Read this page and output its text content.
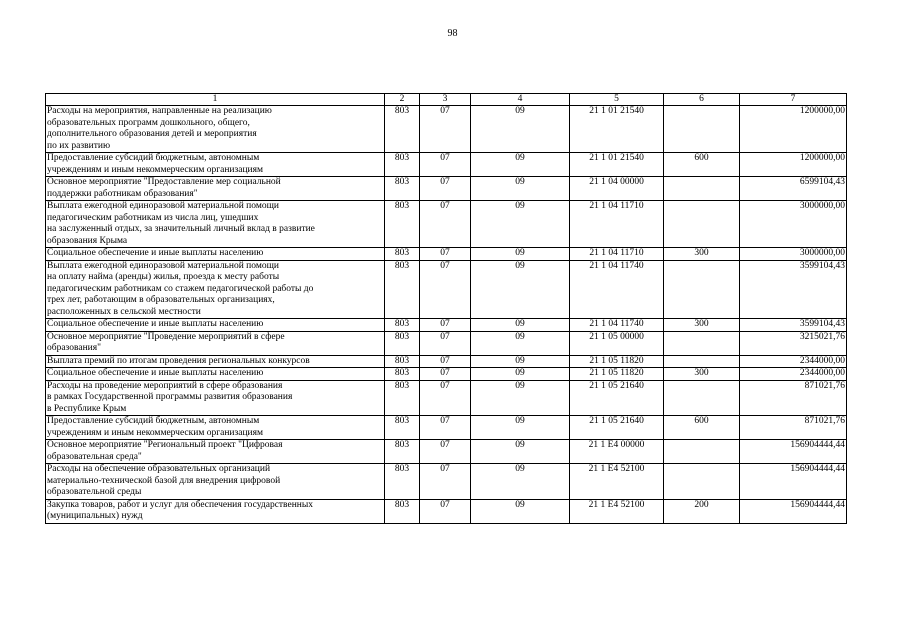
98
1	2	3	4	5	6	7
Расходы на мероприятия, направленные на реализацию
образовательных программ дошкольного, общего,
дополнительного образования детей и мероприятия
по их развитию	803	07	09	21 1 01 21540		1200000,00
Предоставление субсидий бюджетным, автономным
учреждениям и иным некоммерческим организациям	803	07	09	21 1 01 21540	600	1200000,00
Основное мероприятие "Предоставление мер социальной
поддержки работникам образования"	803	07	09	21 1 04 00000		6599104,43
Выплата ежегодной единоразовой материальной помощи
педагогическим работникам из числа лиц, ушедших
на заслуженный отдых, за значительный личный вклад в развитие
образования Крыма	803	07	09	21 1 04 11710		3000000,00
Социальное обеспечение и иные выплаты населению	803	07	09	21 1 04 11710	300	3000000,00
Выплата ежегодной единоразовой материальной помощи
на оплату найма (аренды) жилья, проезда к месту работы
педагогическим работникам со стажем педагогической работы до
трех лет, работающим в образовательных организациях,
расположенных в сельской местности	803	07	09	21 1 04 11740		3599104,43
Социальное обеспечение и иные выплаты населению	803	07	09	21 1 04 11740	300	3599104,43
Основное мероприятие "Проведение мероприятий в сфере
образования"	803	07	09	21 1 05 00000		3215021,76
Выплата премий по итогам проведения региональных конкурсов	803	07	09	21 1 05 11820		2344000,00
Социальное обеспечение и иные выплаты населению	803	07	09	21 1 05 11820	300	2344000,00
Расходы на проведение мероприятий в сфере образования
в рамках Государственной программы развития образования
в Республике Крым	803	07	09	21 1 05 21640		871021,76
Предоставление субсидий бюджетным, автономным
учреждениям и иным некоммерческим организациям	803	07	09	21 1 05 21640	600	871021,76
Основное мероприятие "Региональный проект "Цифровая
образовательная среда"	803	07	09	21 1 E4 00000		156904444,44
Расходы на обеспечение образовательных организаций
материально-технической базой для внедрения цифровой
образовательной среды	803	07	09	21 1 E4 52100		156904444,44
Закупка товаров, работ и услуг для обеспечения государственных
(муниципальных) нужд	803	07	09	21 1 E4 52100	200	156904444,44
